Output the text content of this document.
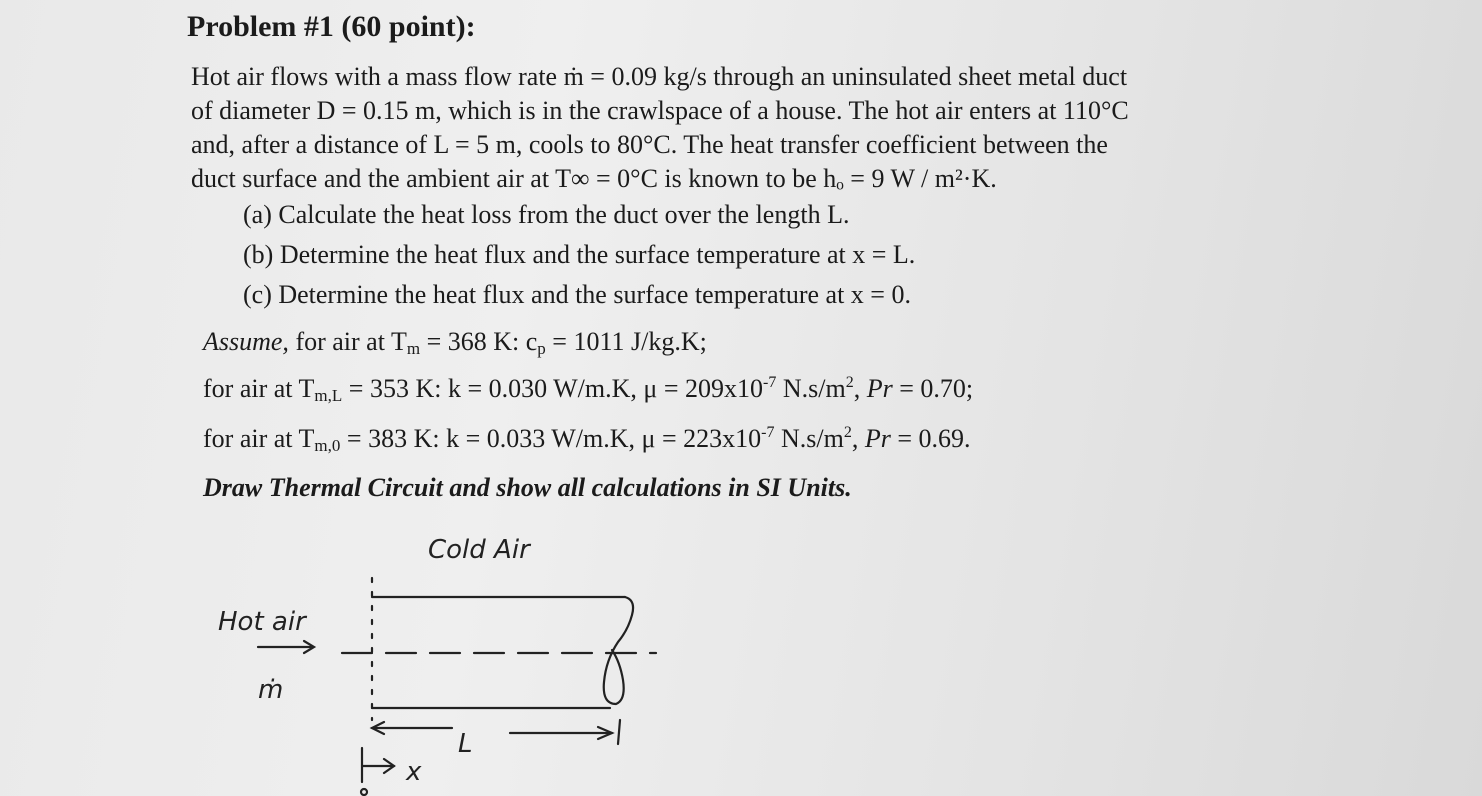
Problem #1 (60 point):
Hot air flows with a mass flow rate ṁ = 0.09 kg/s through an uninsulated sheet metal duct
of diameter D = 0.15 m, which is in the crawlspace of a house. The hot air enters at 110°C
and, after a distance of L = 5 m, cools to 80°C. The heat transfer coefficient between the
duct surface and the ambient air at T∞ = 0°C is known to be hₒ = 9 W / m²·K.
(a) Calculate the heat loss from the duct over the length L.
(b) Determine the heat flux and the surface temperature at x = L.
(c) Determine the heat flux and the surface temperature at x = 0.
Assume, for air at $T_m = 368$ K: $c_p = 1011$ J/kg.K;
for air at $T_{m,L} = 353$ K: k = 0.030 W/m.K, $\mu = 209x10^{-7}$ $N.s/m^2$, Pr = 0.70;
for air at $T_{m,0} = 383$ K: k = 0.033 W/m.K, $\mu = 223x10^{-7}$ $N.s/m^2$, Pr = 0.69.
Draw Thermal Circuit and show all calculations in SI Units.
Cold Air
Hot air
ṁ
L
x
